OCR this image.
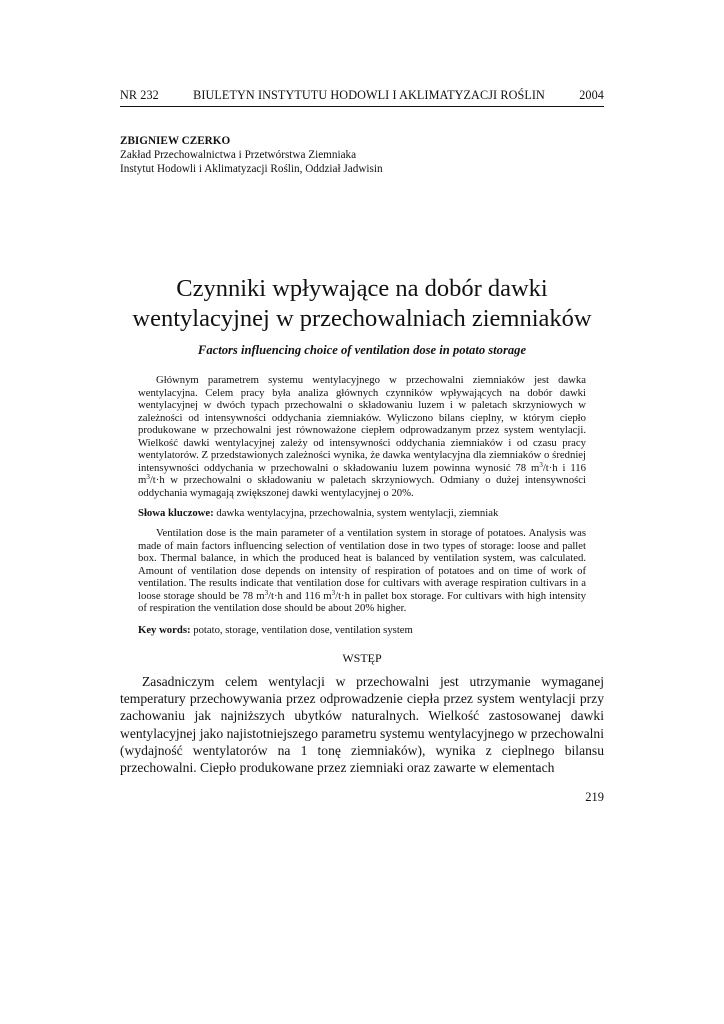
NR 232	BIULETYN INSTYTUTU HODOWLI I AKLIMATYZACJI ROŚLIN	2004
ZBIGNIEW CZERKO
Zakład Przechowalnictwa i Przetwórstwa Ziemniaka
Instytut Hodowli i Aklimatyzacji Roślin, Oddział Jadwisin
Czynniki wpływające na dobór dawki
wentylacyjnej w przechowalniach ziemniaków
Factors influencing choice of ventilation dose in potato storage

Głównym parametrem systemu wentylacyjnego w przechowalni ziemniaków jest dawka wentylacyjna. Celem pracy była analiza głównych czynników wpływających na dobór dawki wentylacyjnej w dwóch typach przechowalni o składowaniu luzem i w paletach skrzyniowych w zależności od intensywności oddychania ziemniaków. Wyliczono bilans cieplny, w którym ciepło produkowane w przechowalni jest równoważone ciepłem odprowadzanym przez system wentylacji. Wielkość dawki wentylacyjnej zależy od intensywności oddychania ziemniaków i od czasu pracy wentylatorów. Z przedstawionych zależności wynika, że dawka wentylacyjna dla ziemniaków o średniej intensywności oddychania w przechowalni o składowaniu luzem powinna wynosić 78 $m^3/t\cdot h$ i 116 $m^3/t\cdot h$ w przechowalni o składowaniu w paletach skrzyniowych. Odmiany o dużej intensywności oddychania wymagają zwiększonej dawki wentylacyjnej o 20%.

Słowa kluczowe: dawka wentylacyjna, przechowalnia, system wentylacji, ziemniak

Ventilation dose is the main parameter of a ventilation system in storage of potatoes. Analysis was made of main factors influencing selection of ventilation dose in two types of storage: loose and pallet box. Thermal balance, in which the produced heat is balanced by ventilation system, was calculated. Amount of ventilation dose depends on intensity of respiration of potatoes and on time of work of ventilation. The results indicate that ventilation dose for cultivars with average respiration cultivars in a loose storage should be 78 $m^3/t\cdot h$ and 116 $m^3/t\cdot h$ in pallet box storage. For cultivars with high intensity of respiration the ventilation dose should be about 20% higher.

Key words: potato, storage, ventilation dose, ventilation system

WSTĘP

Zasadniczym celem wentylacji w przechowalni jest utrzymanie wymaganej temperatury przechowywania przez odprowadzenie ciepła przez system wentylacji przy zachowaniu jak najniższych ubytków naturalnych. Wielkość zastosowanej dawki wentylacyjnej jako najistotniejszego parametru systemu wentylacyjnego w przechowalni (wydajność wentylatorów na 1 tonę ziemniaków), wynika z cieplnego bilansu przechowalni. Ciepło produkowane przez ziemniaki oraz zawarte w elementach

219
